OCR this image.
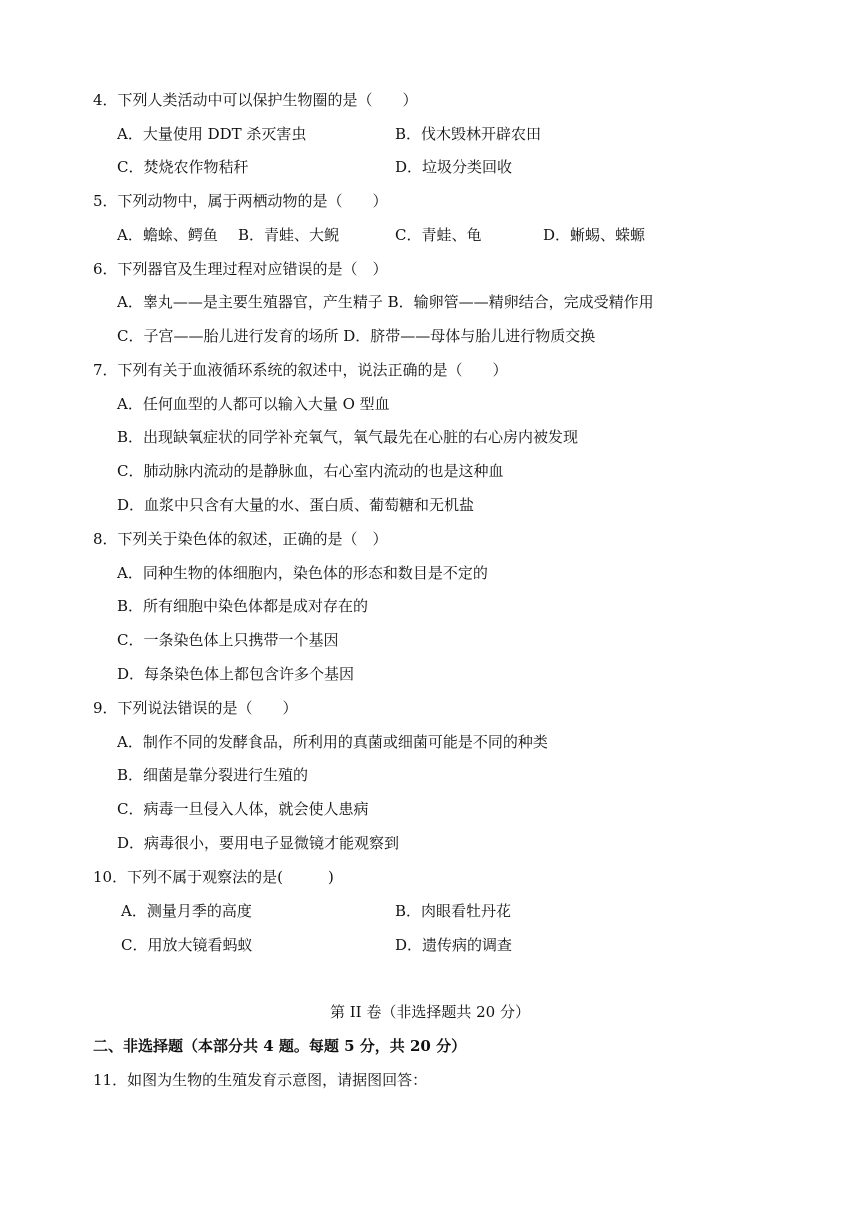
4．下列人类活动中可以保护生物圈的是（　　）
A．大量使用 DDT 杀灭害虫	B．伐木毁林开辟农田
C．焚烧农作物秸秆	D．垃圾分类回收
5．下列动物中，属于两栖动物的是（　　）
A．蟾蜍、鳄鱼 B．青蛙、大鲵	C．青蛙、龟	D．蜥蜴、蝾螈
6．下列器官及生理过程对应错误的是（　）
A．睾丸——是主要生殖器官，产生精子 B．输卵管——精卵结合，完成受精作用
C．子宫——胎儿进行发育的场所 D．脐带——母体与胎儿进行物质交换
7．下列有关于血液循环系统的叙述中，说法正确的是（　　）
A．任何血型的人都可以输入大量 O 型血
B．出现缺氧症状的同学补充氧气，氧气最先在心脏的右心房内被发现
C．肺动脉内流动的是静脉血，右心室内流动的也是这种血
D．血浆中只含有大量的水、蛋白质、葡萄糖和无机盐
8．下列关于染色体的叙述，正确的是（　）
A．同种生物的体细胞内，染色体的形态和数目是不定的
B．所有细胞中染色体都是成对存在的
C．一条染色体上只携带一个基因
D．每条染色体上都包含许多个基因
9．下列说法错误的是（　　）
A．制作不同的发酵食品，所利用的真菌或细菌可能是不同的种类
B．细菌是靠分裂进行生殖的
C．病毒一旦侵入人体，就会使人患病
D．病毒很小，要用电子显微镜才能观察到
10．下列不属于观察法的是(　　　)
A．测量月季的高度	B．肉眼看牡丹花
C．用放大镜看蚂蚁	D．遗传病的调查
第 II 卷（非选择题共 20 分）
二、非选择题（本部分共 4 题。每题 5 分，共 20 分）
11．如图为生物的生殖发育示意图，请据图回答：
